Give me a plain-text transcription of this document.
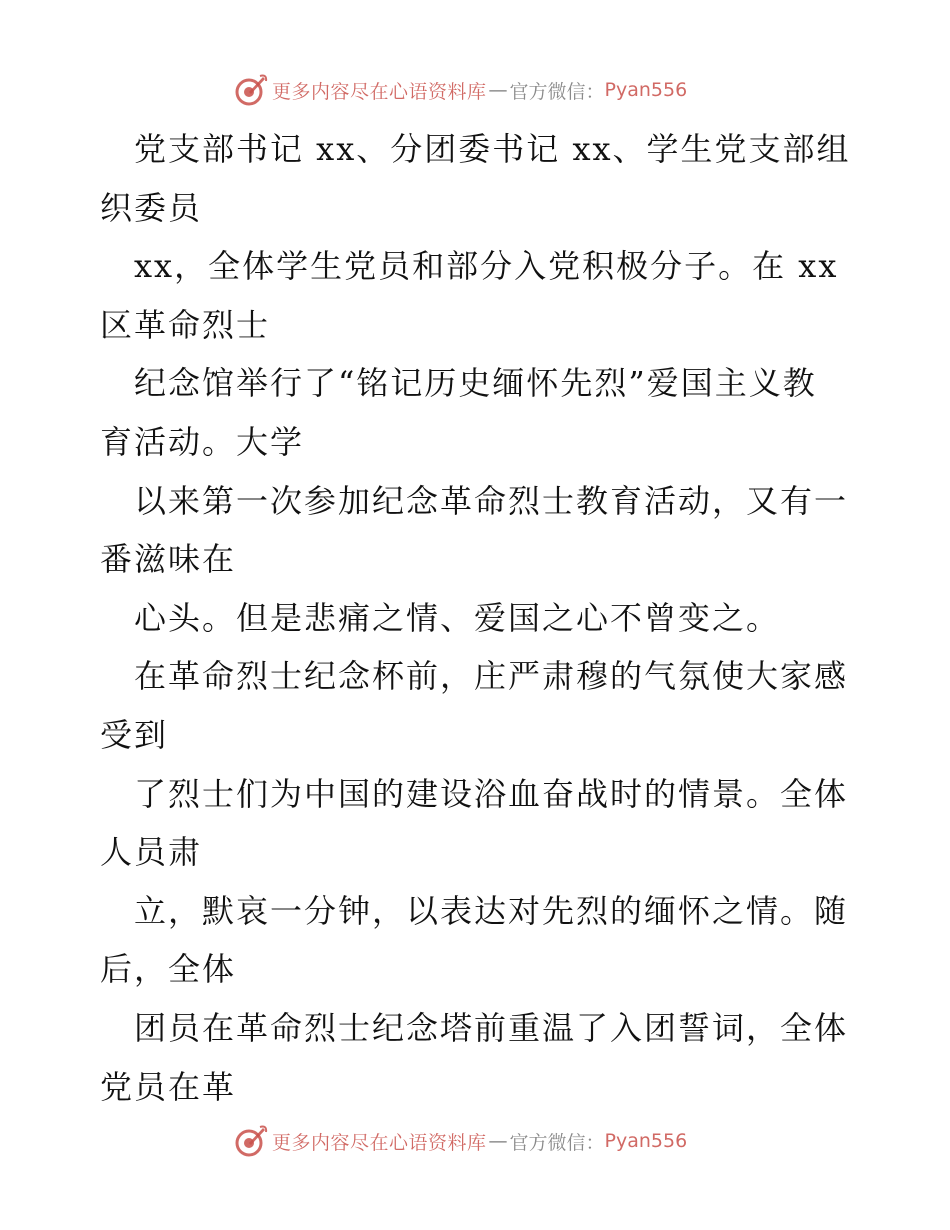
更多内容尽在心语资料库 — 官方微信： Pyan556
党支部书记 xx、分团委书记 xx、学生党支部组
织委员
xx，全体学生党员和部分入党积极分子。在 xx
区革命烈士
纪念馆举行了“铭记历史缅怀先烈”爱国主义教
育活动。大学
以来第一次参加纪念革命烈士教育活动，又有一
番滋味在
心头。但是悲痛之情、爱国之心不曾变之。
在革命烈士纪念杯前，庄严肃穆的气氛使大家感
受到
了烈士们为中国的建设浴血奋战时的情景。全体
人员肃
立，默哀一分钟，以表达对先烈的缅怀之情。随
后，全体
团员在革命烈士纪念塔前重温了入团誓词，全体
党员在革
更多内容尽在心语资料库 — 官方微信： Pyan556
